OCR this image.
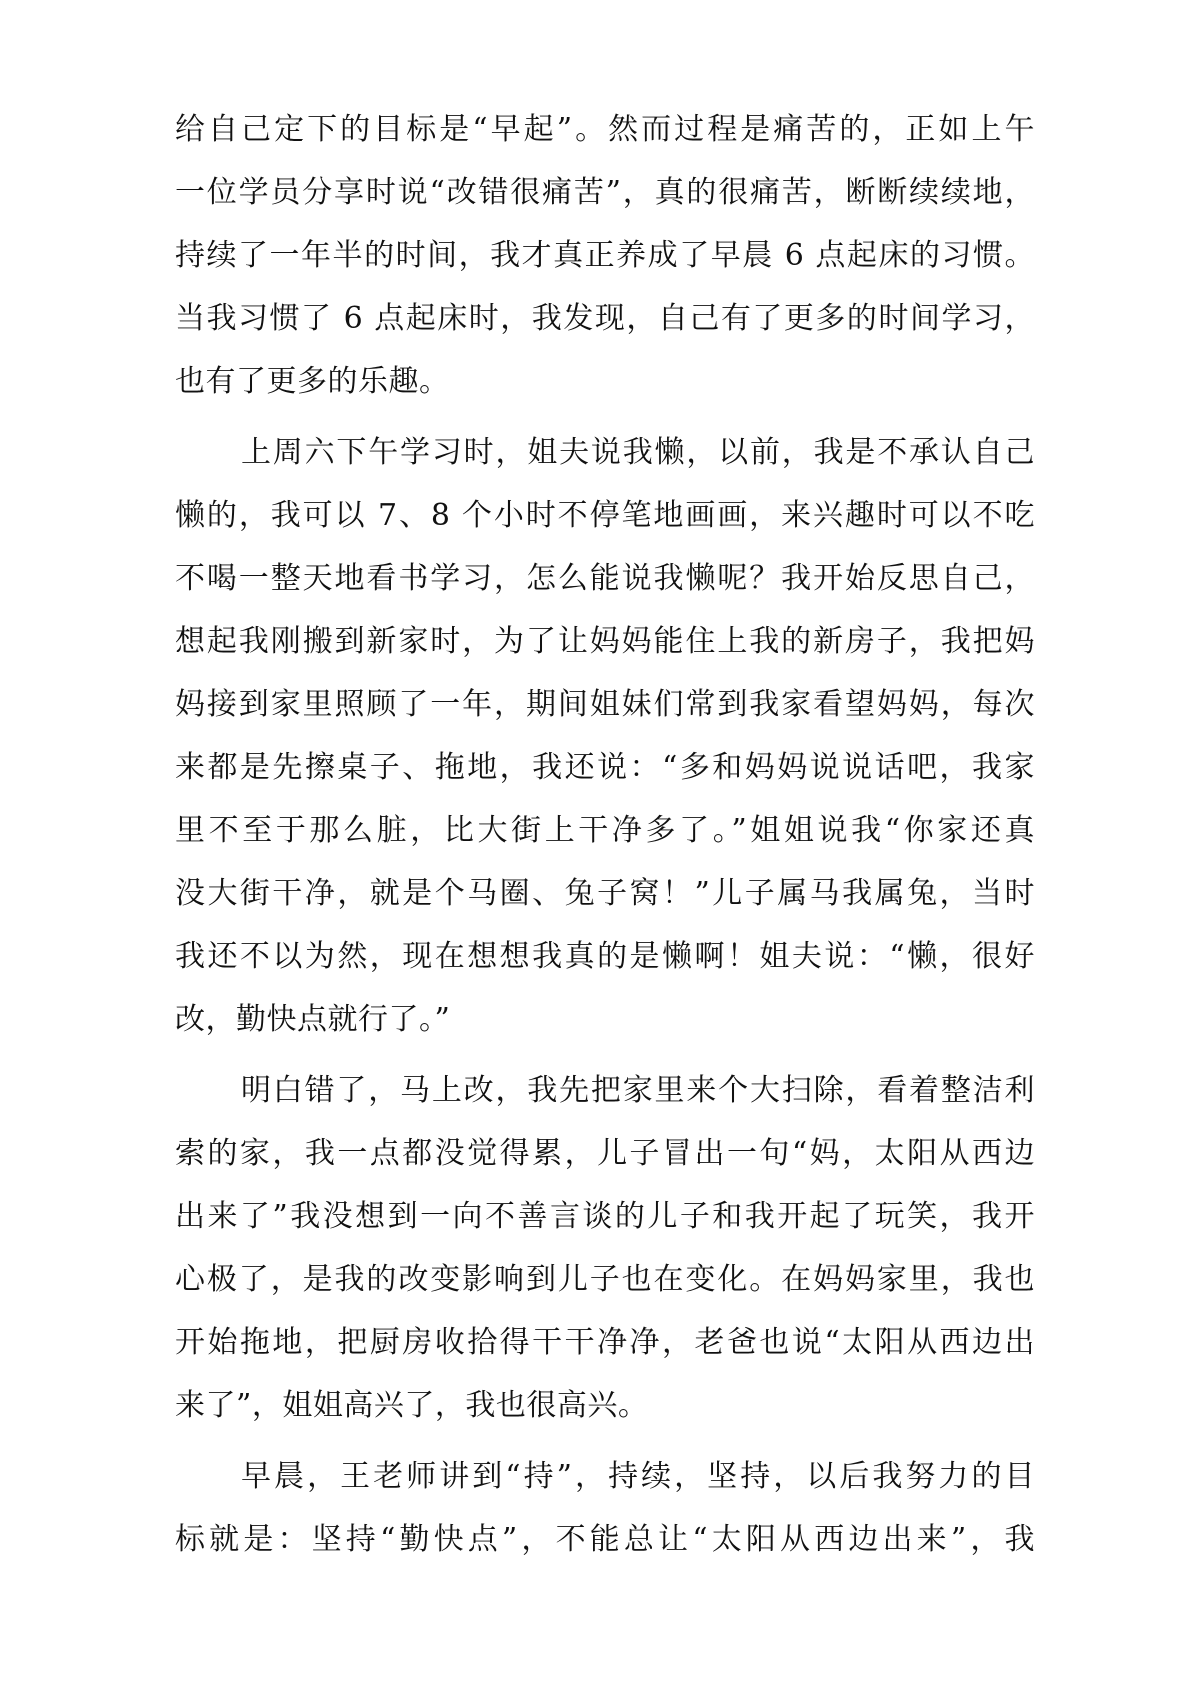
给自己定下的目标是“早起”。然而过程是痛苦的，正如上午
一位学员分享时说“改错很痛苦”，真的很痛苦，断断续续地，
持续了一年半的时间，我才真正养成了早晨 6 点起床的习惯。
当我习惯了 6 点起床时，我发现，自己有了更多的时间学习，
也有了更多的乐趣。
上周六下午学习时，姐夫说我懒，以前，我是不承认自己
懒的，我可以 7、8 个小时不停笔地画画，来兴趣时可以不吃
不喝一整天地看书学习，怎么能说我懒呢？我开始反思自己，
想起我刚搬到新家时，为了让妈妈能住上我的新房子，我把妈
妈接到家里照顾了一年，期间姐妹们常到我家看望妈妈，每次
来都是先擦桌子、拖地，我还说：“多和妈妈说说话吧，我家
里不至于那么脏，比大街上干净多了。”姐姐说我“你家还真
没大街干净，就是个马圈、兔子窝！”儿子属马我属兔，当时
我还不以为然，现在想想我真的是懒啊！姐夫说：“懒，很好
改，勤快点就行了。”
明白错了，马上改，我先把家里来个大扫除，看着整洁利
索的家，我一点都没觉得累，儿子冒出一句“妈，太阳从西边
出来了”我没想到一向不善言谈的儿子和我开起了玩笑，我开
心极了，是我的改变影响到儿子也在变化。在妈妈家里，我也
开始拖地，把厨房收拾得干干净净，老爸也说“太阳从西边出
来了”，姐姐高兴了，我也很高兴。
早晨，王老师讲到“持”，持续，坚持，以后我努力的目
标就是：坚持“勤快点”，不能总让“太阳从西边出来”，我
